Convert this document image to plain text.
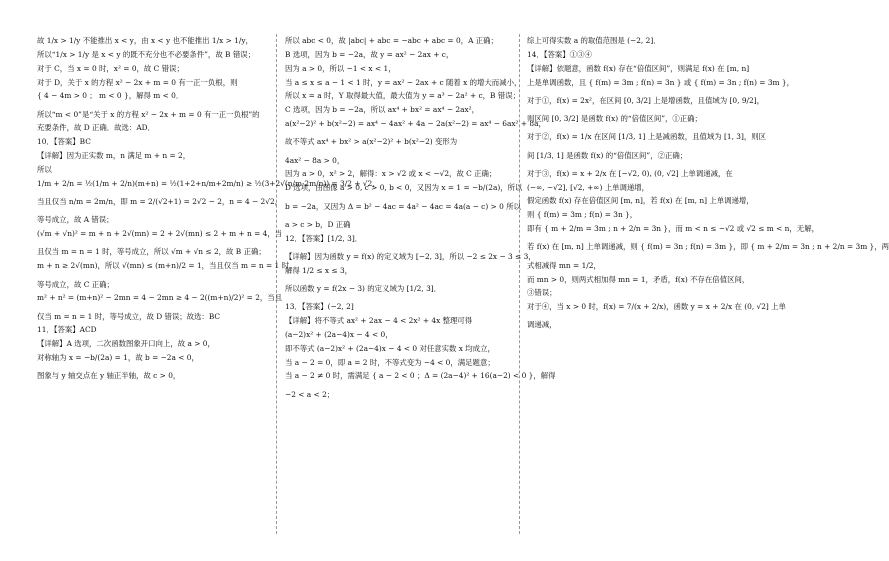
故 1/x > 1/y 不能推出 x < y，由 x < y 也不能推出 1/x > 1/y，
所以“1/x > 1/y 是 x < y 的既不充分也不必要条件”，故 B 错误；
对于 C，当 x = 0 时，x² = 0，故 C 错误；
对于 D，关于 x 的方程 x² − 2x + m = 0 有一正一负根，则
{ 4 − 4m > 0 ； m < 0 }，解得 m < 0．
所以“m < 0”是“关于 x 的方程 x² − 2x + m = 0 有一正一负根”的
充要条件，故 D 正确．故选：AD．
10．【答案】BC
【详解】因为正实数 m，n 满足 m + n = 2，
所以
1/m + 2/n = ½(1/m + 2/n)(m+n) = ½(1+2+n/m+2m/n) ≥ ½(3+2√(n/m·2m/n)) = 3/2 + √2，
当且仅当 n/m = 2m/n，即 m = 2/(√2+1) = 2√2 − 2，n = 4 − 2√2，
等号成立，故 A 错误；
(√m + √n)² = m + n + 2√(mn) = 2 + 2√(mn) ≤ 2 + m + n = 4，当
且仅当 m = n = 1 时，等号成立，所以 √m + √n ≤ 2，故 B 正确；
m + n ≥ 2√(mn)，所以 √(mn) ≤ (m+n)/2 = 1，当且仅当 m = n = 1 时，
等号成立，故 C 正确；
m² + n² = (m+n)² − 2mn = 4 − 2mn ≥ 4 − 2((m+n)/2)² = 2，当且
仅当 m = n = 1 时，等号成立，故 D 错误；故选：BC
11．【答案】ACD
【详解】A 选项，二次函数图象开口向上，故 a > 0，
对称轴为 x = −b/(2a) = 1，故 b = −2a < 0，
图象与 y 轴交点在 y 轴正半轴，故 c > 0，
所以 abc < 0，故 |abc| + abc = −abc + abc = 0，A 正确；
B 选项，因为 b = −2a，故 y = ax² − 2ax + c，
因为 a > 0，所以 −1 < x < 1，
当 a ≤ x ≤ a − 1 < 1 时，y = ax² − 2ax + c 随着 x 的增大而减小，
所以 x = a 时，Y 取得最大值，最大值为 y = a³ − 2a² + c，B 错误；
C 选项，因为 b = −2a，所以 ax⁴ + bx² = ax⁴ − 2ax²，
a(x²−2)² + b(x²−2) = ax⁴ − 4ax² + 4a − 2a(x²−2) = ax⁴ − 6ax² + 8a，
故不等式 ax⁴ + bx² > a(x²−2)² + b(x²−2) 变形为
4ax² − 8a > 0，
因为 a > 0，x² > 2，解得：x > √2 或 x < −√2，故 C 正确；
D 选项，由图像 a > 0, c > 0, b < 0，又因为 x = 1 = −b/(2a)，所以
b = −2a，又因为 Δ = b² − 4ac = 4a² − 4ac = 4a(a − c) > 0 所以
a > c > b，D 正确
12．【答案】[1/2, 3]．
【详解】因为函数 y = f(x) 的定义域为 [−2, 3]，所以 −2 ≤ 2x − 3 ≤ 3，
解得 1/2 ≤ x ≤ 3，
所以函数 y = f(2x − 3) 的定义域为 [1/2, 3]．
13．【答案】(−2, 2]
【详解】将不等式 ax² + 2ax − 4 < 2x² + 4x 整理可得
(a−2)x² + (2a−4)x − 4 < 0，
即不等式 (a−2)x² + (2a−4)x − 4 < 0 对任意实数 x 均成立，
当 a − 2 = 0，即 a = 2 时，不等式变为 −4 < 0，满足题意；
当 a − 2 ≠ 0 时，需满足 { a − 2 < 0 ；Δ = (2a−4)² + 16(a−2) < 0 }，解得
−2 < a < 2；
综上可得实数 a 的取值范围是 (−2, 2]．
14．【答案】①③④
【详解】依题意，函数 f(x) 存在“倍值区间”，则满足 f(x) 在 [m, n]
上是单调函数，且 { f(m) = 3m ; f(n) = 3n } 或 { f(m) = 3n ; f(n) = 3m }，
对于①，f(x) = 2x²，在区间 [0, 3/2] 上是增函数，且值域为 [0, 9/2]，
则区间 [0, 3/2] 是函数 f(x) 的“倍值区间”，①正确；
对于②，f(x) = 1/x 在区间 [1/3, 1] 上是减函数，且值域为 [1, 3]，则区
间 [1/3, 1] 是函数 f(x) 的“倍值区间”，②正确；
对于③，f(x) = x + 2/x 在 [−√2, 0), (0, √2] 上单调递减，在
(−∞, −√2], [√2, +∞) 上单调递增，
假定函数 f(x) 存在倍值区间 [m, n]，若 f(x) 在 [m, n] 上单调递增，
则 { f(m) = 3m ; f(n) = 3n }，
即有 { m + 2/m = 3m ; n + 2/n = 3n }，而 m < n ≤ −√2 或 √2 ≤ m < n，无解，
若 f(x) 在 [m, n] 上单调递减，则 { f(m) = 3n ; f(n) = 3m }，即 { m + 2/m = 3n ; n + 2/n = 3m }，两
式相减得 mn = 1/2，
而 mn > 0，则两式相加得 mn = 1，矛盾，f(x) 不存在倍值区间，
③错误；
对于④，当 x > 0 时，f(x) = 7/(x + 2/x)，函数 y = x + 2/x 在 (0, √2] 上单
调递减，
